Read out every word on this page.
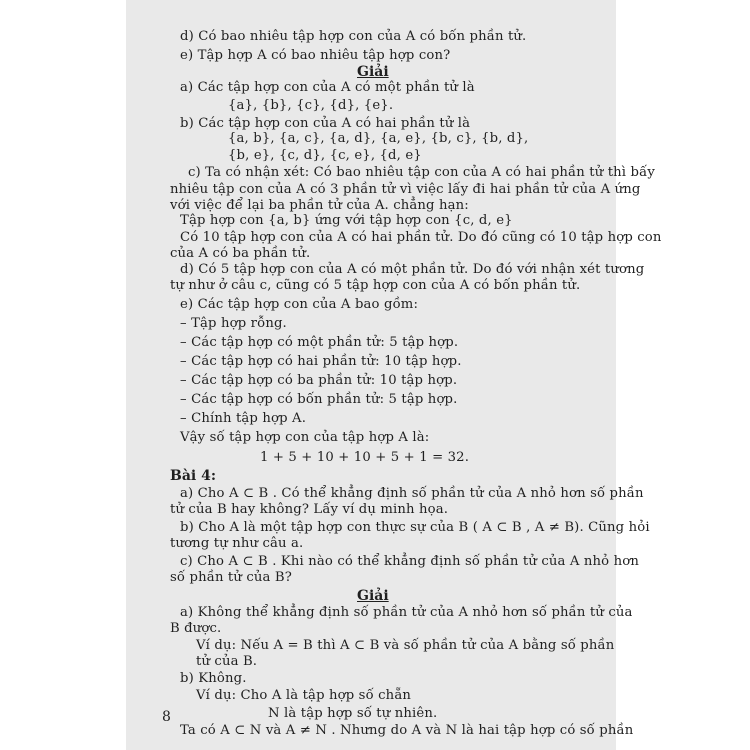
d) Có bao nhiêu tập hợp con của A có bốn phần tử.
e) Tập hợp A có bao nhiêu tập hợp con?
Giải
a) Các tập hợp con của A có một phần tử là
{a}, {b}, {c}, {d}, {e}.
b) Các tập hợp con của A có hai phần tử là
{a, b}, {a, c}, {a, d}, {a, e}, {b, c}, {b, d},
{b, e}, {c, d}, {c, e}, {d, e}
c) Ta có nhận xét: Có bao nhiêu tập con của A có hai phần tử thì bấy
nhiêu tập con của A có 3 phần tử vì việc lấy đi hai phần tử của A ứng
với việc để lại ba phần tử của A. chẳng hạn:
Tập hợp con {a, b} ứng với tập hợp con {c, d, e}
Có 10 tập hợp con của A có hai phần tử. Do đó cũng có 10 tập hợp con
của A có ba phần tử.
d) Có 5 tập hợp con của A có một phần tử. Do đó với nhận xét tương
tự như ở câu c, cũng có 5 tập hợp con của A có bốn phần tử.
e) Các tập hợp con của A bao gồm:
– Tập hợp rỗng.
– Các tập hợp có một phần tử: 5 tập hợp.
– Các tập hợp có hai phần tử: 10 tập hợp.
– Các tập hợp có ba phần tử: 10 tập hợp.
– Các tập hợp có bốn phần tử: 5 tập hợp.
– Chính tập hợp A.
Vậy số tập hợp con của tập hợp A là:
1 + 5 + 10 + 10 + 5 + 1 = 32.
Bài 4:
a) Cho A ⊂ B . Có thể khẳng định số phần tử của A nhỏ hơn số phần
tử của B hay không? Lấy ví dụ minh họa.
b) Cho A là một tập hợp con thực sự của B ( A ⊂ B , A ≠ B). Cũng hỏi
tương tự như câu a.
c) Cho A ⊂ B . Khi nào có thể khẳng định số phần tử của A nhỏ hơn
số phần tử của B?
Giải
a) Không thể khẳng định số phần tử của A nhỏ hơn số phần tử của
B được.
Ví dụ: Nếu A = B thì A ⊂ B và số phần tử của A bằng số phần
tử của B.
b) Không.
Ví dụ: Cho A là tập hợp số chẵn
N là tập hợp số tự nhiên.
Ta có A ⊂ N và A ≠ N . Nhưng do A và N là hai tập hợp có số phần
8
